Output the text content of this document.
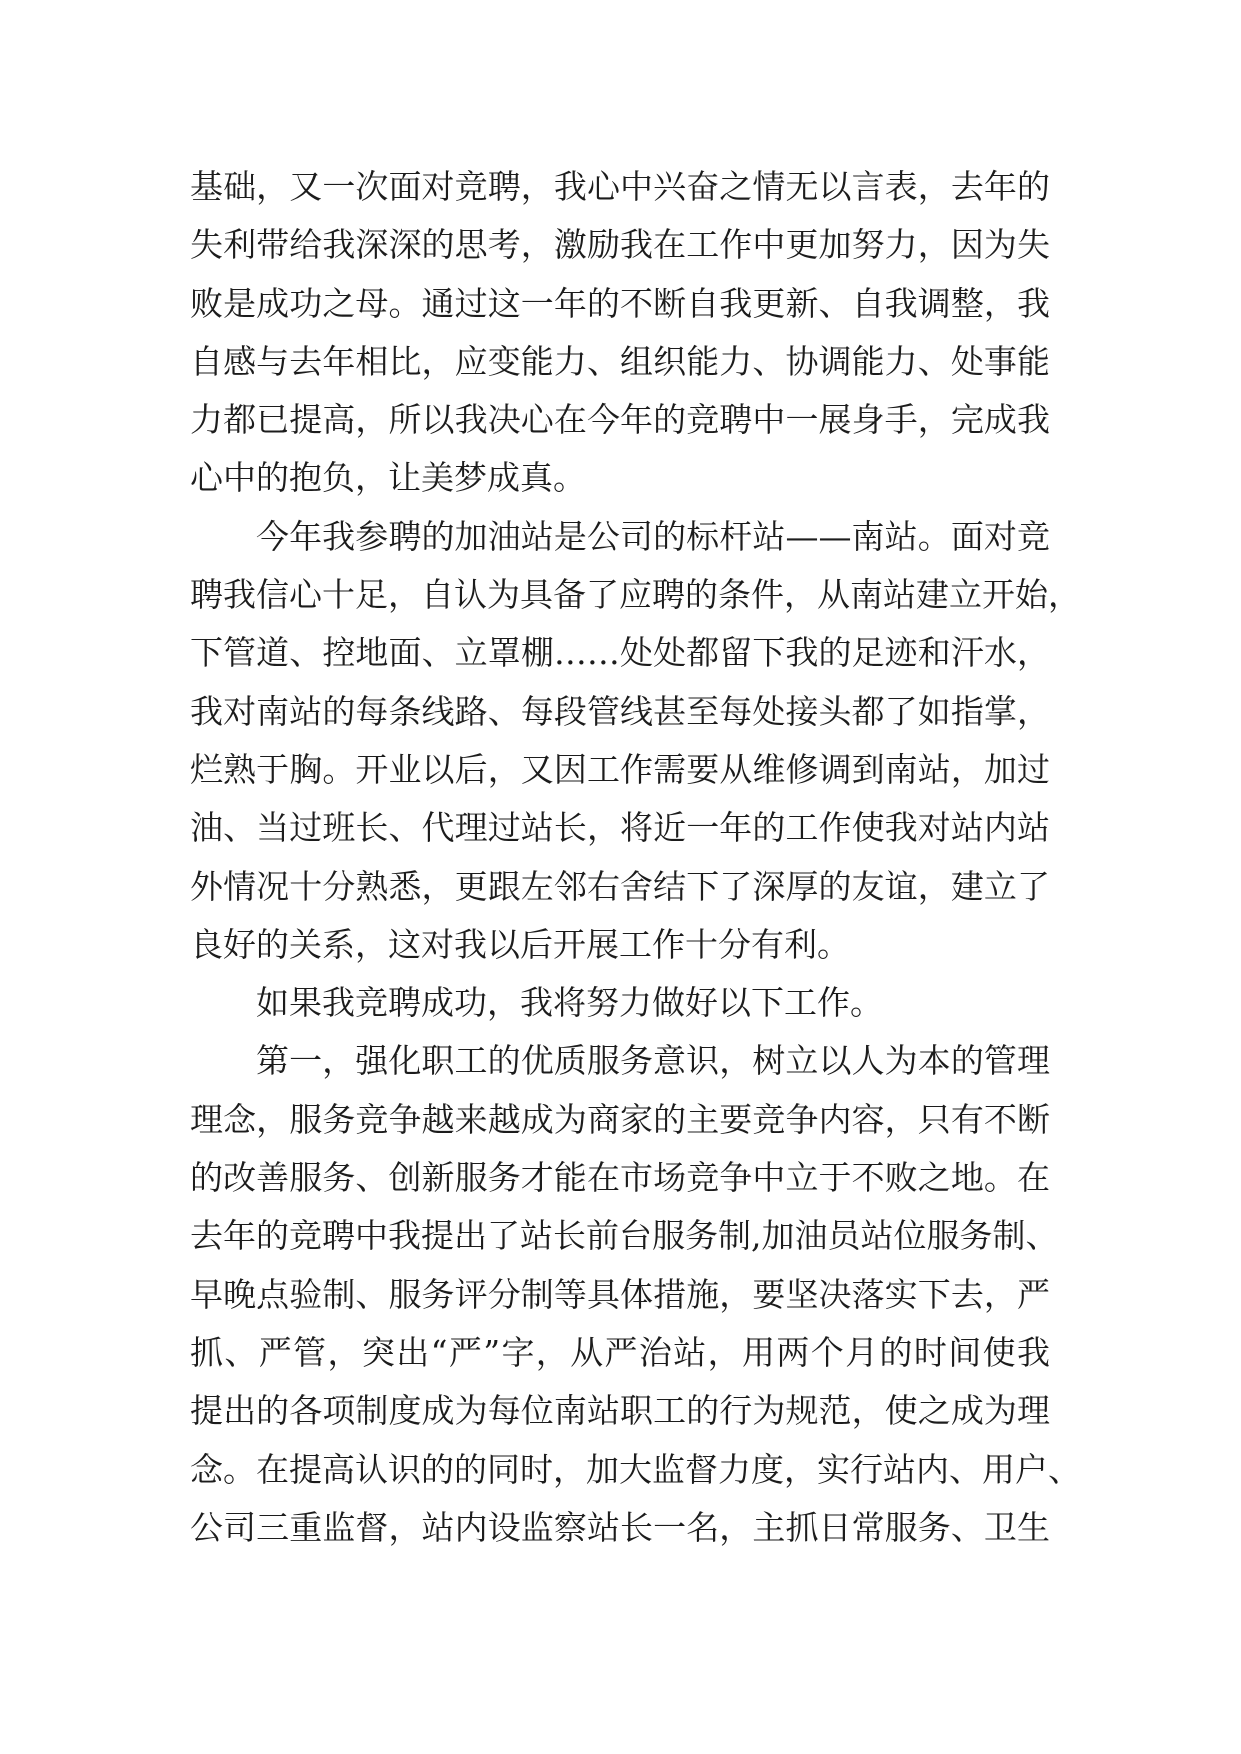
基础，又一次面对竞聘，我心中兴奋之情无以言表，去年的
失利带给我深深的思考，激励我在工作中更加努力，因为失
败是成功之母。通过这一年的不断自我更新、自我调整，我
自感与去年相比，应变能力、组织能力、协调能力、处事能
力都已提高，所以我决心在今年的竞聘中一展身手，完成我
心中的抱负，让美梦成真。
今年我参聘的加油站是公司的标杆站——南站。面对竞
聘我信心十足，自认为具备了应聘的条件，从南站建立开始，
下管道、控地面、立罩棚……处处都留下我的足迹和汗水，
我对南站的每条线路、每段管线甚至每处接头都了如指掌，
烂熟于胸。开业以后，又因工作需要从维修调到南站，加过
油、当过班长、代理过站长，将近一年的工作使我对站内站
外情况十分熟悉，更跟左邻右舍结下了深厚的友谊，建立了
良好的关系，这对我以后开展工作十分有利。
如果我竞聘成功，我将努力做好以下工作。
第一，强化职工的优质服务意识，树立以人为本的管理
理念，服务竞争越来越成为商家的主要竞争内容，只有不断
的改善服务、创新服务才能在市场竞争中立于不败之地。在
去年的竞聘中我提出了站长前台服务制,加油员站位服务制、
早晚点验制、服务评分制等具体措施，要坚决落实下去，严
抓、严管，突出“严”字，从严治站，用两个月的时间使我
提出的各项制度成为每位南站职工的行为规范，使之成为理
念。在提高认识的的同时，加大监督力度，实行站内、用户、
公司三重监督，站内设监察站长一名，主抓日常服务、卫生
